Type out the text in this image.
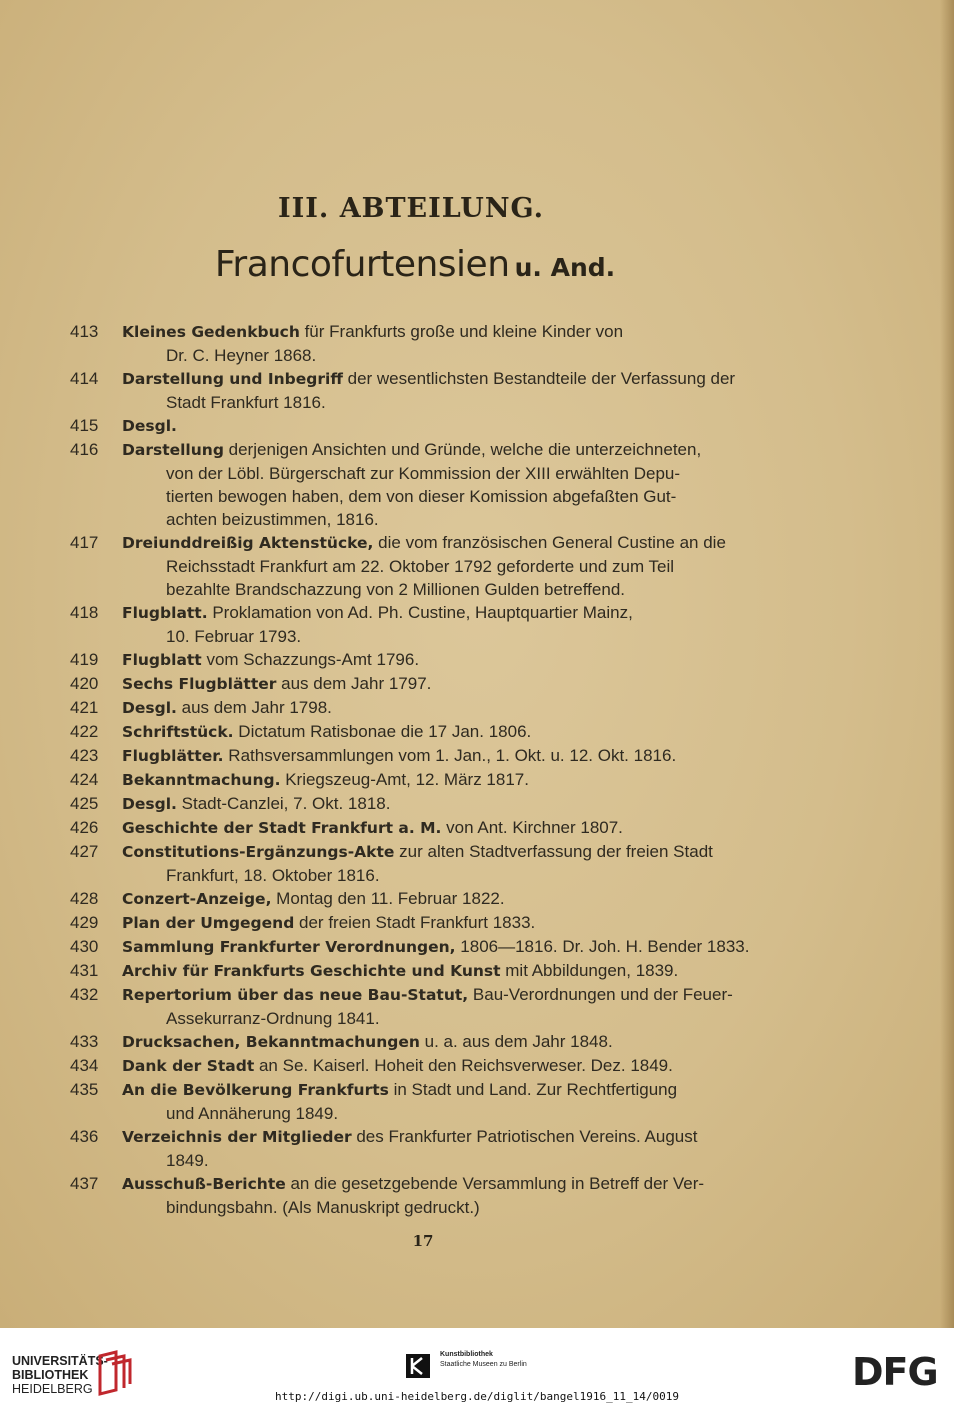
III. ABTEILUNG.
Francofurtensien u. And.
413	Kleines Gedenkbuch für Frankfurts große und kleine Kinder von
Dr. C. Heyner 1868.
414	Darstellung und Inbegriff der wesentlichsten Bestandteile der Verfassung der
Stadt Frankfurt 1816.
415	Desgl.
416	Darstellung derjenigen Ansichten und Gründe, welche die unterzeichneten,
von der Löbl. Bürgerschaft zur Kommission der XIII erwählten Depu-
tierten bewogen haben, dem von dieser Komission abgefaßten Gut-
achten beizustimmen, 1816.
417	Dreiunddreißig Aktenstücke, die vom französischen General Custine an die
Reichsstadt Frankfurt am 22. Oktober 1792 geforderte und zum Teil
bezahlte Brandschazzung von 2 Millionen Gulden betreffend.
418	Flugblatt. Proklamation von Ad. Ph. Custine, Hauptquartier Mainz,
10. Februar 1793.
419	Flugblatt vom Schazzungs-Amt 1796.
420	Sechs Flugblätter aus dem Jahr 1797.
421	Desgl. aus dem Jahr 1798.
422	Schriftstück. Dictatum Ratisbonae die 17 Jan. 1806.
423	Flugblätter. Rathsversammlungen vom 1. Jan., 1. Okt. u. 12. Okt. 1816.
424	Bekanntmachung. Kriegszeug-Amt, 12. März 1817.
425	Desgl. Stadt-Canzlei, 7. Okt. 1818.
426	Geschichte der Stadt Frankfurt a. M. von Ant. Kirchner 1807.
427	Constitutions-Ergänzungs-Akte zur alten Stadtverfassung der freien Stadt
Frankfurt, 18. Oktober 1816.
428	Conzert-Anzeige, Montag den 11. Februar 1822.
429	Plan der Umgegend der freien Stadt Frankfurt 1833.
430	Sammlung Frankfurter Verordnungen, 1806—1816. Dr. Joh. H. Bender 1833.
431	Archiv für Frankfurts Geschichte und Kunst mit Abbildungen, 1839.
432	Repertorium über das neue Bau-Statut, Bau-Verordnungen und der Feuer-
Assekurranz-Ordnung 1841.
433	Drucksachen, Bekanntmachungen u. a. aus dem Jahr 1848.
434	Dank der Stadt an Se. Kaiserl. Hoheit den Reichsverweser. Dez. 1849.
435	An die Bevölkerung Frankfurts in Stadt und Land. Zur Rechtfertigung
und Annäherung 1849.
436	Verzeichnis der Mitglieder des Frankfurter Patriotischen Vereins. August
1849.
437	Ausschuß-Berichte an die gesetzgebende Versammlung in Betreff der Ver-
bindungsbahn. (Als Manuskript gedruckt.)
17
UNIVERSITÄTS-
BIBLIOTHEK
HEIDELBERG
Kunstbibliothek
Staatliche Museen zu Berlin	DFG
http://digi.ub.uni-heidelberg.de/diglit/bangel1916_11_14/0019
